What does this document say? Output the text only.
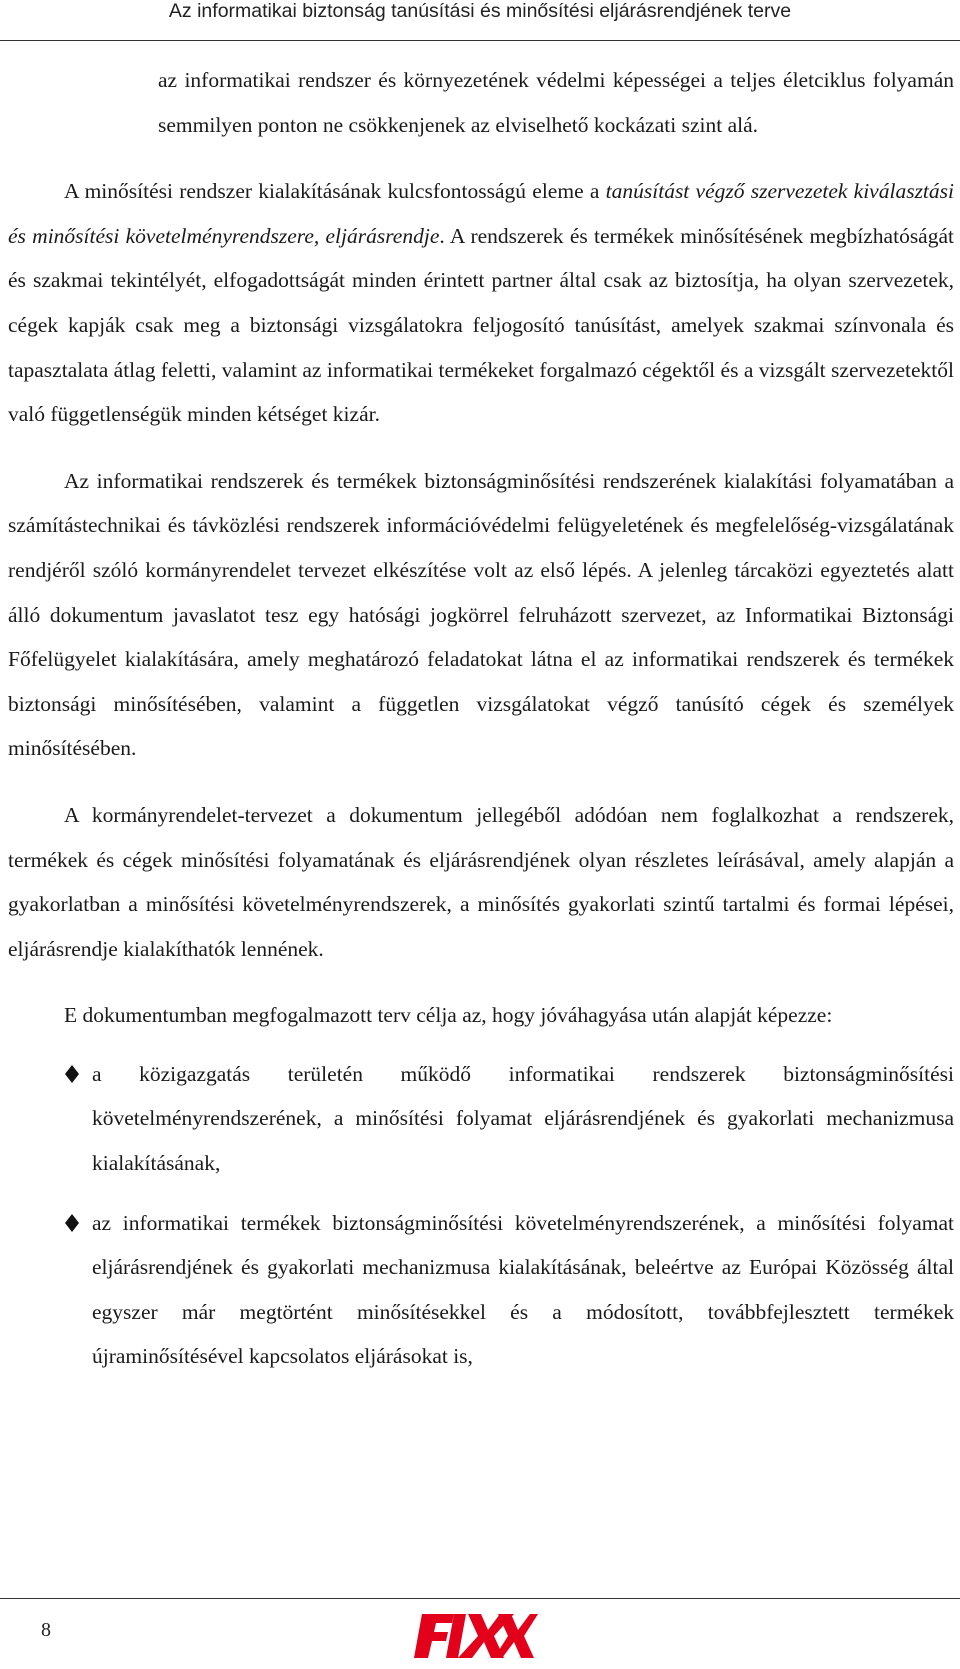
Az informatikai biztonság tanúsítási és minősítési eljárásrendjének terve

az informatikai rendszer és környezetének védelmi képességei a teljes életciklus folyamán semmilyen ponton ne csökkenjenek az elviselhető kockázati szint alá.

A minősítési rendszer kialakításának kulcsfontosságú eleme a tanúsítást végző szervezetek kiválasztási és minősítési követelményrendszere, eljárásrendje. A rendszerek és termékek minősítésének megbízhatóságát és szakmai tekintélyét, elfogadottságát minden érintett partner által csak az biztosítja, ha olyan szervezetek, cégek kapják csak meg a biztonsági vizsgálatokra feljogosító tanúsítást, amelyek szakmai színvonala és tapasztalata átlag feletti, valamint az informatikai termékeket forgalmazó cégektől és a vizsgált szervezetektől való függetlenségük minden kétséget kizár.

Az informatikai rendszerek és termékek biztonságminősítési rendszerének kialakítási folyamatában a számítástechnikai és távközlési rendszerek információvédelmi felügyeletének és megfelelőség-vizsgálatának rendjéről szóló kormányrendelet tervezet elkészítése volt az első lépés. A jelenleg tárcaközi egyeztetés alatt álló dokumentum javaslatot tesz egy hatósági jogkörrel felruházott szervezet, az Informatikai Biztonsági Főfelügyelet kialakítására, amely meghatározó feladatokat látna el az informatikai rendszerek és termékek biztonsági minősítésében, valamint a független vizsgálatokat végző tanúsító cégek és személyek minősítésében.

A kormányrendelet-tervezet a dokumentum jellegéből adódóan nem foglalkozhat a rendszerek, termékek és cégek minősítési folyamatának és eljárásrendjének olyan részletes leírásával, amely alapján a gyakorlatban a minősítési követelményrendszerek, a minősítés gyakorlati szintű tartalmi és formai lépései, eljárásrendje kialakíthatók lennének.

E dokumentumban megfogalmazott terv célja az, hogy jóváhagyása után alapját képezze:

a közigazgatás területén működő informatikai rendszerek biztonságminősítési követelményrendszerének, a minősítési folyamat eljárásrendjének és gyakorlati mechanizmusa kialakításának,
az informatikai termékek biztonságminősítési követelményrendszerének, a minősítési folyamat eljárásrendjének és gyakorlati mechanizmusa kialakításának, beleértve az Európai Közösség által egyszer már megtörtént minősítésekkel és a módosított, továbbfejlesztett termékek újraminősítésével kapcsolatos eljárásokat is,
8
